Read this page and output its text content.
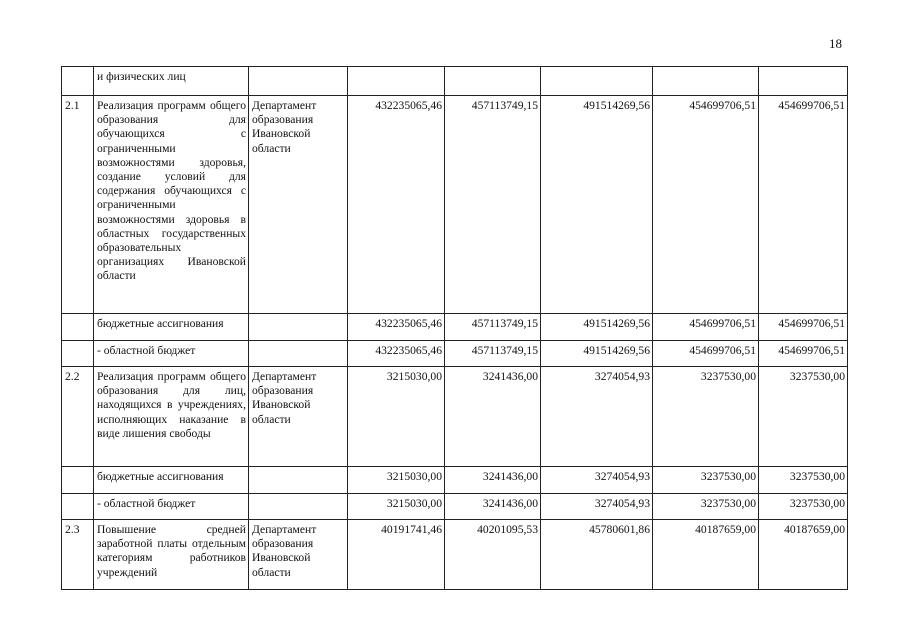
18
	и физических лиц						
2.1	Реализация программ общего образования для обучающихся с ограниченными возможностями здоровья, создание условий для содержания обучающихся с ограниченными возможностями здоровья в областных государственных образовательных организациях Ивановской области	Департамент образования Ивановской области	432235065,46	457113749,15	491514269,56	454699706,51	454699706,51
	бюджетные ассигнования		432235065,46	457113749,15	491514269,56	454699706,51	454699706,51
	- областной бюджет		432235065,46	457113749,15	491514269,56	454699706,51	454699706,51
2.2	Реализация программ общего образования для лиц, находящихся в учреждениях, исполняющих наказание в виде лишения свободы	Департамент образования Ивановской области	3215030,00	3241436,00	3274054,93	3237530,00	3237530,00
	бюджетные ассигнования		3215030,00	3241436,00	3274054,93	3237530,00	3237530,00
	- областной бюджет		3215030,00	3241436,00	3274054,93	3237530,00	3237530,00
2.3	Повышение средней заработной платы отдельным категориям работников учреждений	Департамент образования Ивановской области	40191741,46	40201095,53	45780601,86	40187659,00	40187659,00
